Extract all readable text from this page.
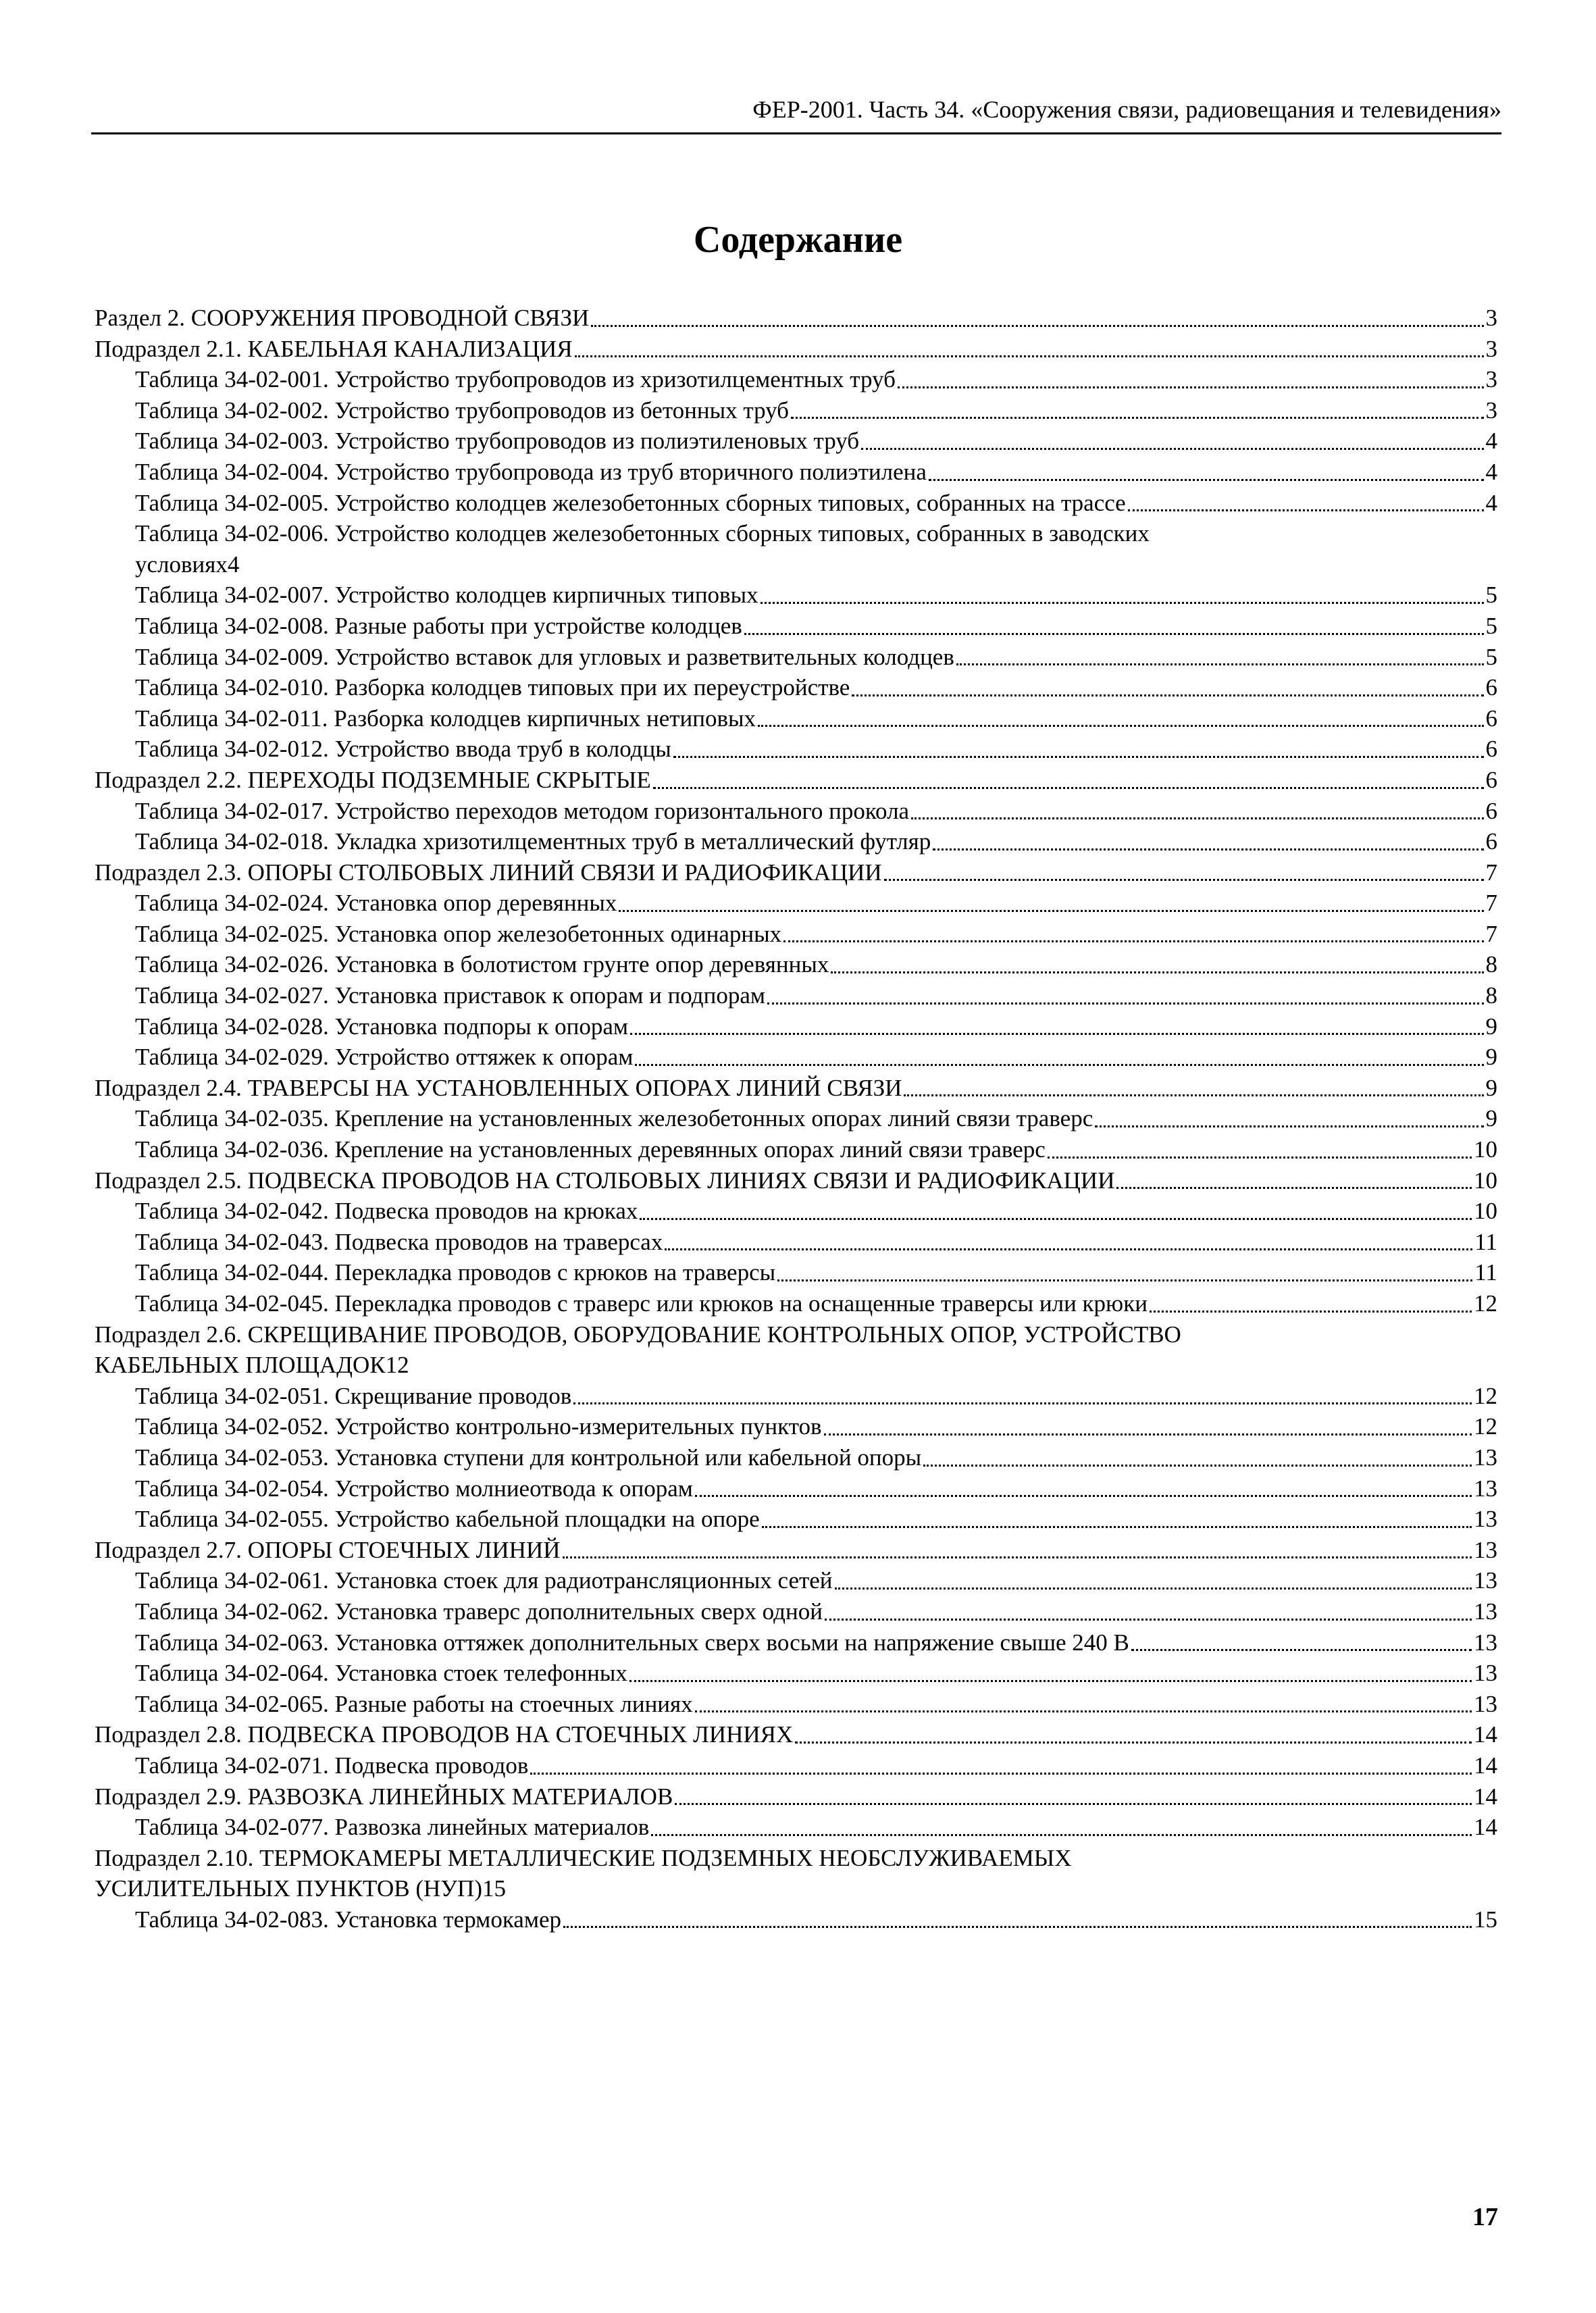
ФЕР-2001. Часть 34. «Сооружения связи, радиовещания и телевидения»
Содержание
Раздел 2. СООРУЖЕНИЯ ПРОВОДНОЙ СВЯЗИ	3
Подраздел 2.1. КАБЕЛЬНАЯ КАНАЛИЗАЦИЯ	3
Таблица 34-02-001. Устройство трубопроводов из хризотилцементных труб	3
Таблица 34-02-002. Устройство трубопроводов из бетонных труб	3
Таблица 34-02-003. Устройство трубопроводов из полиэтиленовых труб	4
Таблица 34-02-004. Устройство трубопровода из труб вторичного полиэтилена	4
Таблица 34-02-005. Устройство колодцев железобетонных сборных типовых, собранных на трассе	4
Таблица 34-02-006. Устройство колодцев железобетонных сборных типовых, собранных в заводских
условиях 4
Таблица 34-02-007. Устройство колодцев кирпичных типовых	5
Таблица 34-02-008. Разные работы при устройстве колодцев	5
Таблица 34-02-009. Устройство вставок для угловых и разветвительных колодцев	5
Таблица 34-02-010. Разборка колодцев типовых при их переустройстве	6
Таблица 34-02-011. Разборка колодцев кирпичных нетиповых	6
Таблица 34-02-012. Устройство ввода труб в колодцы	6
Подраздел 2.2. ПЕРЕХОДЫ ПОДЗЕМНЫЕ СКРЫТЫЕ	6
Таблица 34-02-017. Устройство переходов методом горизонтального прокола	6
Таблица 34-02-018. Укладка хризотилцементных труб в металлический футляр	6
Подраздел 2.3. ОПОРЫ СТОЛБОВЫХ ЛИНИЙ СВЯЗИ И РАДИОФИКАЦИИ	7
Таблица 34-02-024. Установка опор деревянных	7
Таблица 34-02-025. Установка опор железобетонных одинарных	7
Таблица 34-02-026. Установка в болотистом грунте опор деревянных	8
Таблица 34-02-027. Установка приставок к опорам и подпорам	8
Таблица 34-02-028. Установка подпоры к опорам	9
Таблица 34-02-029. Устройство оттяжек к опорам	9
Подраздел 2.4. ТРАВЕРСЫ НА УСТАНОВЛЕННЫХ ОПОРАХ ЛИНИЙ СВЯЗИ	9
Таблица 34-02-035. Крепление на установленных железобетонных опорах линий связи траверс	9
Таблица 34-02-036. Крепление на установленных деревянных опорах линий связи траверс	10
Подраздел 2.5. ПОДВЕСКА ПРОВОДОВ НА СТОЛБОВЫХ ЛИНИЯХ СВЯЗИ И РАДИОФИКАЦИИ	10
Таблица 34-02-042. Подвеска проводов на крюках	10
Таблица 34-02-043. Подвеска проводов на траверсах	11
Таблица 34-02-044. Перекладка проводов с крюков на траверсы	11
Таблица 34-02-045. Перекладка проводов с траверс или крюков на оснащенные траверсы или крюки	12
Подраздел 2.6. СКРЕЩИВАНИЕ ПРОВОДОВ, ОБОРУДОВАНИЕ КОНТРОЛЬНЫХ ОПОР, УСТРОЙСТВО
КАБЕЛЬНЫХ ПЛОЩАДОК 12
Таблица 34-02-051. Скрещивание проводов	12
Таблица 34-02-052. Устройство контрольно-измерительных пунктов	12
Таблица 34-02-053. Установка ступени для контрольной или кабельной опоры	13
Таблица 34-02-054. Устройство молниеотвода к опорам	13
Таблица 34-02-055. Устройство кабельной площадки на опоре	13
Подраздел 2.7. ОПОРЫ СТОЕЧНЫХ ЛИНИЙ	13
Таблица 34-02-061. Установка стоек для радиотрансляционных сетей	13
Таблица 34-02-062. Установка траверс дополнительных сверх одной	13
Таблица 34-02-063. Установка оттяжек дополнительных сверх восьми на напряжение свыше 240 В	13
Таблица 34-02-064. Установка стоек телефонных	13
Таблица 34-02-065. Разные работы на стоечных линиях	13
Подраздел 2.8. ПОДВЕСКА ПРОВОДОВ НА СТОЕЧНЫХ ЛИНИЯХ	14
Таблица 34-02-071. Подвеска проводов	14
Подраздел 2.9. РАЗВОЗКА ЛИНЕЙНЫХ МАТЕРИАЛОВ	14
Таблица 34-02-077. Развозка линейных материалов	14
Подраздел 2.10. ТЕРМОКАМЕРЫ МЕТАЛЛИЧЕСКИЕ ПОДЗЕМНЫХ НЕОБСЛУЖИВАЕМЫХ
УСИЛИТЕЛЬНЫХ ПУНКТОВ (НУП) 15
Таблица 34-02-083. Установка термокамер	15
17
